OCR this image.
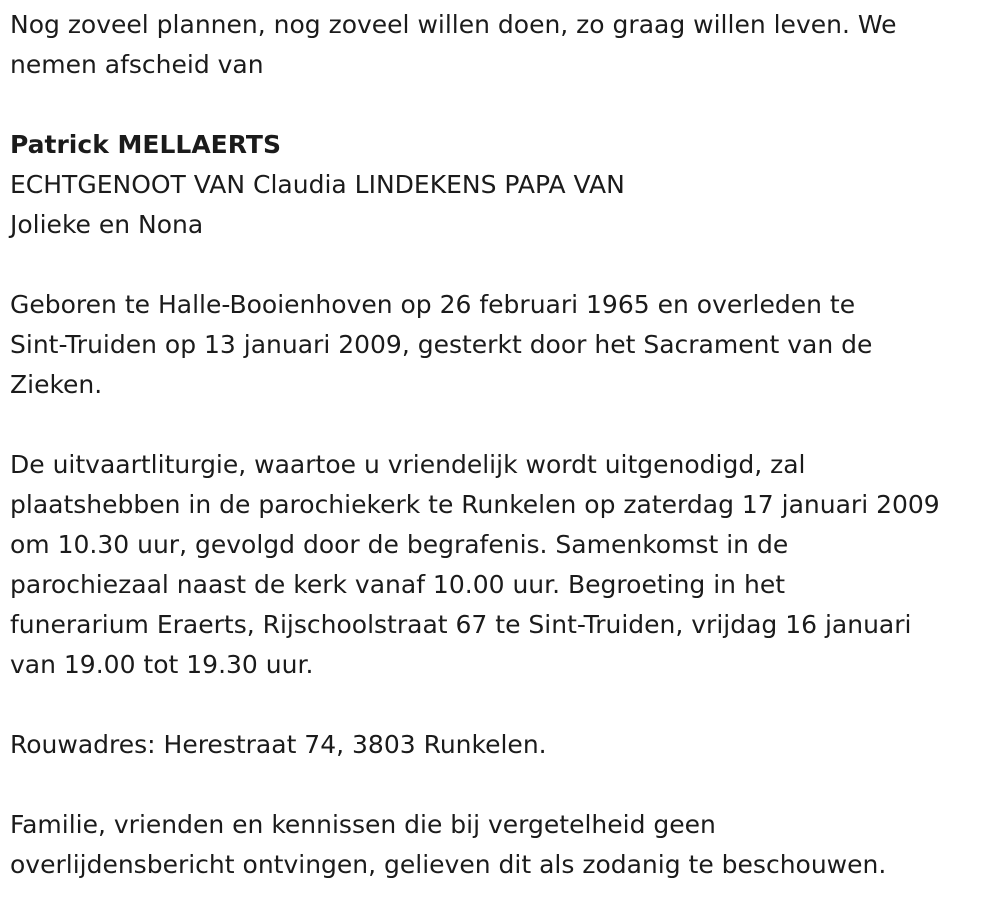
Nog zoveel plannen, nog zoveel willen doen, zo graag willen leven. We
nemen afscheid van

Patrick MELLAERTS

ECHTGENOOT VAN Claudia LINDEKENS PAPA VAN
Jolieke en Nona

Geboren te Halle-Booienhoven op 26 februari 1965 en overleden te
Sint-Truiden op 13 januari 2009, gesterkt door het Sacrament van de
Zieken.

De uitvaartliturgie, waartoe u vriendelijk wordt uitgenodigd, zal
plaatshebben in de parochiekerk te Runkelen op zaterdag 17 januari 2009
om 10.30 uur, gevolgd door de begrafenis. Samenkomst in de
parochiezaal naast de kerk vanaf 10.00 uur. Begroeting in het
funerarium Eraerts, Rijschoolstraat 67 te Sint-Truiden, vrijdag 16 januari
van 19.00 tot 19.30 uur.

Rouwadres: Herestraat 74, 3803 Runkelen.

Familie, vrienden en kennissen die bij vergetelheid geen
overlijdensbericht ontvingen, gelieven dit als zodanig te beschouwen.
